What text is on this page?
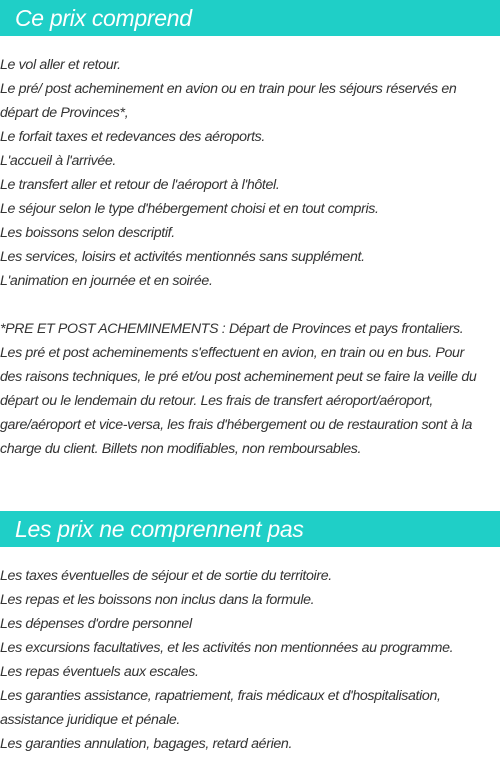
Ce prix comprend
Le vol aller et retour.
Le pré/ post acheminement en avion ou en train pour les séjours réservés en
départ de Provinces*,
Le forfait taxes et redevances des aéroports.
L'accueil à l'arrivée.
Le transfert aller et retour de l'aéroport à l'hôtel.
Le séjour selon le type d'hébergement choisi et en tout compris.
Les boissons selon descriptif.
Les services, loisirs et activités mentionnés sans supplément.
L'animation en journée et en soirée.
*PRE ET POST ACHEMINEMENTS : Départ de Provinces et pays frontaliers.
Les pré et post acheminements s'effectuent en avion, en train ou en bus. Pour
des raisons techniques, le pré et/ou post acheminement peut se faire la veille du
départ ou le lendemain du retour. Les frais de transfert aéroport/aéroport,
gare/aéroport et vice-versa, les frais d'hébergement ou de restauration sont à la
charge du client. Billets non modifiables, non remboursables.
Les prix ne comprennent pas
Les taxes éventuelles de séjour et de sortie du territoire.
Les repas et les boissons non inclus dans la formule.
Les dépenses d'ordre personnel
Les excursions facultatives, et les activités non mentionnées au programme.
Les repas éventuels aux escales.
Les garanties assistance, rapatriement, frais médicaux et d'hospitalisation,
assistance juridique et pénale.
Les garanties annulation, bagages, retard aérien.
